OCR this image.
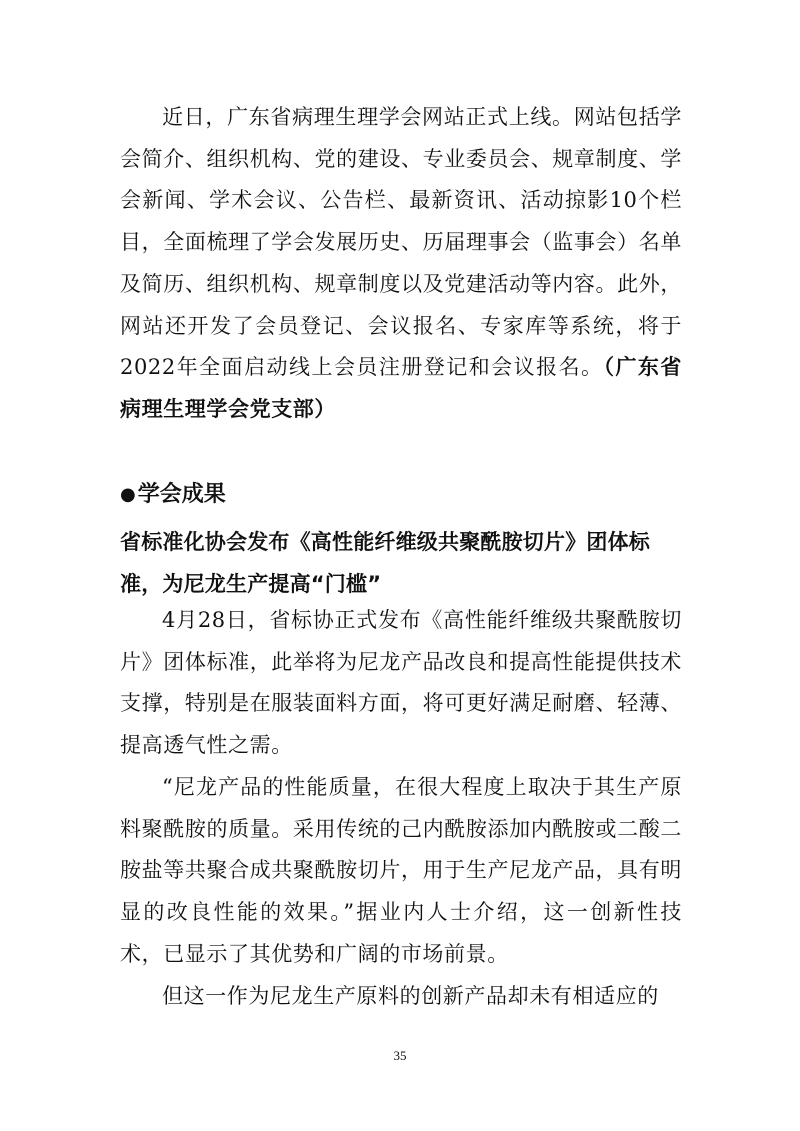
近日，广东省病理生理学会网站正式上线。网站包括学会简介、组织机构、党的建设、专业委员会、规章制度、学会新闻、学术会议、公告栏、最新资讯、活动掠影10个栏目，全面梳理了学会发展历史、历届理事会（监事会）名单及简历、组织机构、规章制度以及党建活动等内容。此外，网站还开发了会员登记、会议报名、专家库等系统，将于2022年全面启动线上会员注册登记和会议报名。（广东省病理生理学会党支部）

●学会成果
省标准化协会发布《高性能纤维级共聚酰胺切片》团体标准，为尼龙生产提高“门槛”

4月28日，省标协正式发布《高性能纤维级共聚酰胺切片》团体标准，此举将为尼龙产品改良和提高性能提供技术支撑，特别是在服装面料方面，将可更好满足耐磨、轻薄、提高透气性之需。

“尼龙产品的性能质量，在很大程度上取决于其生产原料聚酰胺的质量。采用传统的己内酰胺添加内酰胺或二酸二胺盐等共聚合成共聚酰胺切片，用于生产尼龙产品，具有明显的改良性能的效果。”据业内人士介绍，这一创新性技术，已显示了其优势和广阔的市场前景。

但这一作为尼龙生产原料的创新产品却未有相适应的

35
